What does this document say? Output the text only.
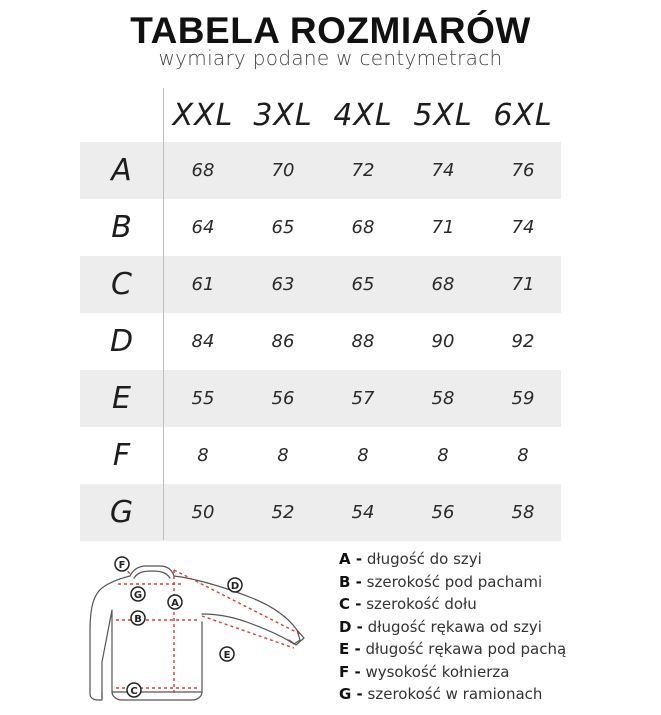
TABELA ROZMIARÓW
wymiary podane w centymetrach
XXL 3XL 4XL 5XL 6XL
A	68	70	72	74	76
B	64	65	68	71	74
C	61	63	65	68	71
D	84	86	88	90	92
E	55	56	57	58	59
F	8	8	8	8	8
G	50	52	54	56	58
F
G
B
C
A
D
E
A - długość do szyi
B - szerokość pod pachami
C - szerokość dołu
D - długość rękawa od szyi
E - długość rękawa pod pachą
F - wysokość kołnierza
G - szerokość w ramionach
